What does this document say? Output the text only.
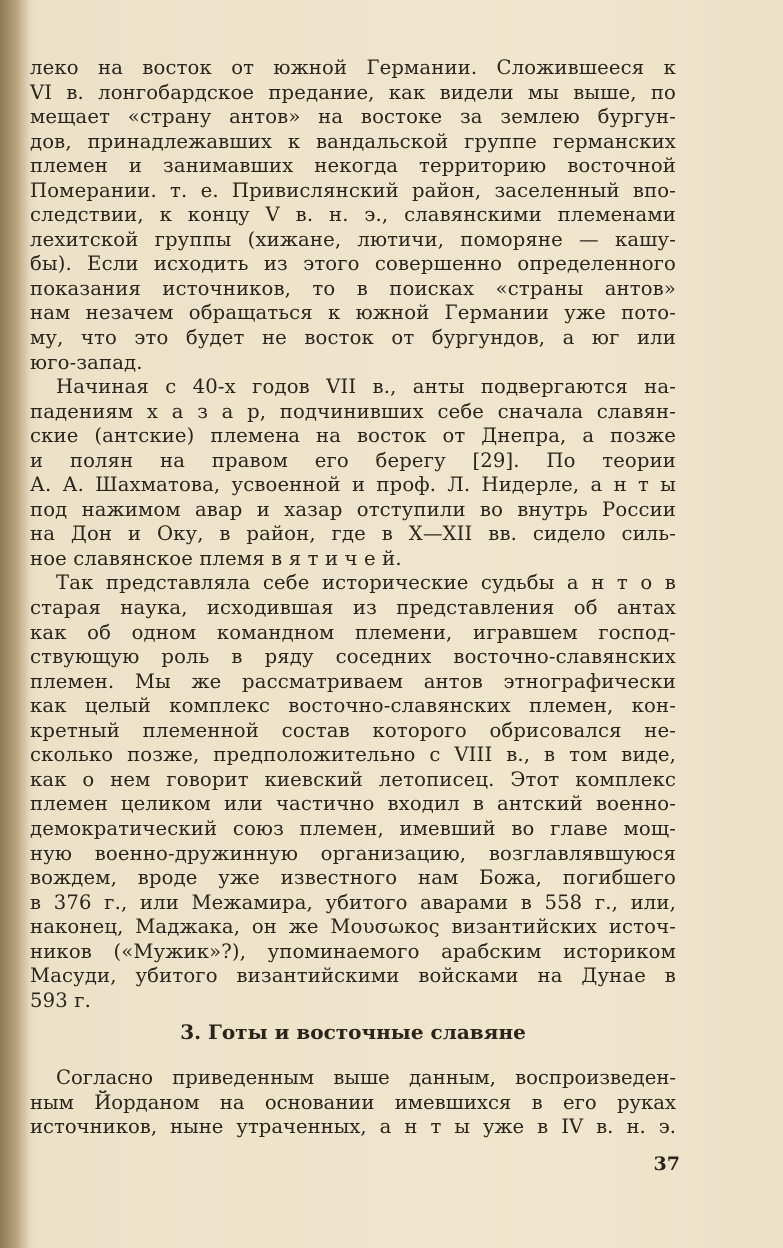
леко на восток от южной Германии. Сложившееся к
VI в. лонгобардское предание, как видели мы выше, по
мещает «страну антов» на востоке за землею бургун-
дов, принадлежавших к вандальской группе германских
племен и занимавших некогда территорию восточной
Померании. т. е. Привислянский район, заселенный впо-
следствии, к концу V в. н. э., славянскими племенами
лехитской группы (хижане, лютичи, поморяне — кашу-
бы). Если исходить из этого совершенно определенного
показания источников, то в поисках «страны антов»
нам незачем обращаться к южной Германии уже пото-
му, что это будет не восток от бургундов, а юг или
юго-запад.
Начиная с 40-х годов VII в., анты подвергаются на-
падениям х а з а р, подчинивших себе сначала славян-
ские (антские) племена на восток от Днепра, а позже
и полян на правом его берегу [29]. По теории
А. А. Шахматова, усвоенной и проф. Л. Нидерле, а н т ы
под нажимом авар и хазар отступили во внутрь России
на Дон и Оку, в район, где в X—XII вв. сидело силь-
ное славянское племя в я т и ч е й.
Так представляла себе исторические судьбы а н т о в
старая наука, исходившая из представления об антах
как об одном командном племени, игравшем господ-
ствующую роль в ряду соседних восточно-славянских
племен. Мы же рассматриваем антов этнографически
как целый комплекс восточно-славянских племен, кон-
кретный племенной состав которого обрисовался не-
сколько позже, предположительно с VIII в., в том виде,
как о нем говорит киевский летописец. Этот комплекс
племен целиком или частично входил в антский военно-
демократический союз племен, имевший во главе мощ-
ную военно-дружинную организацию, возглавлявшуюся
вождем, вроде уже известного нам Божа, погибшего
в 376 г., или Межамира, убитого аварами в 558 г., или,
наконец, Маджака, он же Μουσωκος византийских источ-
ников («Мужик»?), упоминаемого арабским историком
Масуди, убитого византийскими войсками на Дунае в
593 г.
3. Готы и восточные славяне
Согласно приведенным выше данным, воспроизведен-
ным Йорданом на основании имевшихся в его руках
источников, ныне утраченных, а н т ы уже в IV в. н. э.
37
